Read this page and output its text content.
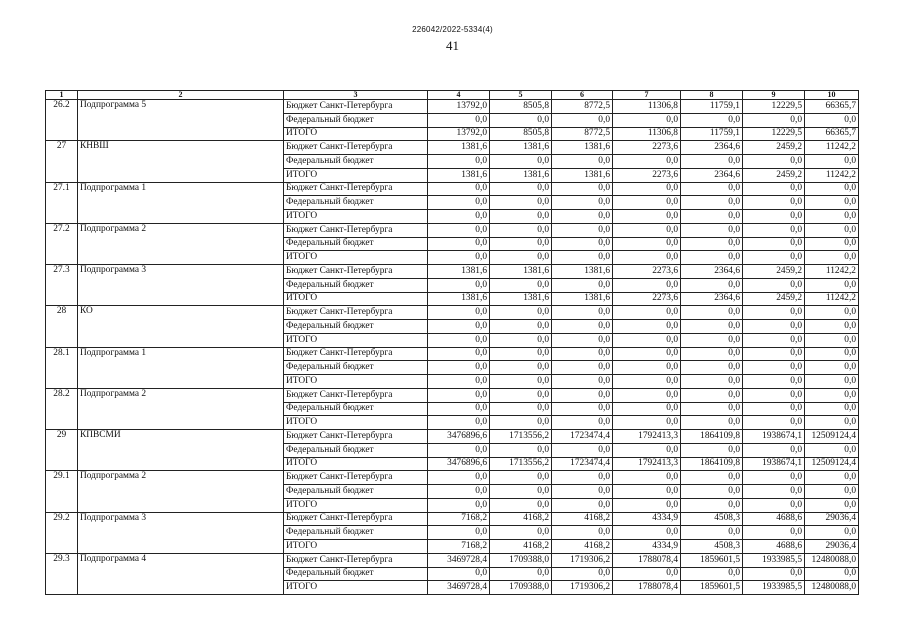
226042/2022-5334(4)
41
1	2	3	4	5	6	7	8	9	10
26.2	Подпрограмма 5	Бюджет Санкт-Петербурга	13792,0	8505,8	8772,5	11306,8	11759,1	12229,5	66365,7
		Федеральный бюджет	0,0	0,0	0,0	0,0	0,0	0,0	0,0
		ИТОГО	13792,0	8505,8	8772,5	11306,8	11759,1	12229,5	66365,7
27	КНВШ	Бюджет Санкт-Петербурга	1381,6	1381,6	1381,6	2273,6	2364,6	2459,2	11242,2
		Федеральный бюджет	0,0	0,0	0,0	0,0	0,0	0,0	0,0
		ИТОГО	1381,6	1381,6	1381,6	2273,6	2364,6	2459,2	11242,2
27.1	Подпрограмма 1	Бюджет Санкт-Петербурга	0,0	0,0	0,0	0,0	0,0	0,0	0,0
		Федеральный бюджет	0,0	0,0	0,0	0,0	0,0	0,0	0,0
		ИТОГО	0,0	0,0	0,0	0,0	0,0	0,0	0,0
27.2	Подпрограмма 2	Бюджет Санкт-Петербурга	0,0	0,0	0,0	0,0	0,0	0,0	0,0
		Федеральный бюджет	0,0	0,0	0,0	0,0	0,0	0,0	0,0
		ИТОГО	0,0	0,0	0,0	0,0	0,0	0,0	0,0
27.3	Подпрограмма 3	Бюджет Санкт-Петербурга	1381,6	1381,6	1381,6	2273,6	2364,6	2459,2	11242,2
		Федеральный бюджет	0,0	0,0	0,0	0,0	0,0	0,0	0,0
		ИТОГО	1381,6	1381,6	1381,6	2273,6	2364,6	2459,2	11242,2
28	КО	Бюджет Санкт-Петербурга	0,0	0,0	0,0	0,0	0,0	0,0	0,0
		Федеральный бюджет	0,0	0,0	0,0	0,0	0,0	0,0	0,0
		ИТОГО	0,0	0,0	0,0	0,0	0,0	0,0	0,0
28.1	Подпрограмма 1	Бюджет Санкт-Петербурга	0,0	0,0	0,0	0,0	0,0	0,0	0,0
		Федеральный бюджет	0,0	0,0	0,0	0,0	0,0	0,0	0,0
		ИТОГО	0,0	0,0	0,0	0,0	0,0	0,0	0,0
28.2	Подпрограмма 2	Бюджет Санкт-Петербурга	0,0	0,0	0,0	0,0	0,0	0,0	0,0
		Федеральный бюджет	0,0	0,0	0,0	0,0	0,0	0,0	0,0
		ИТОГО	0,0	0,0	0,0	0,0	0,0	0,0	0,0
29	КПВСМИ	Бюджет Санкт-Петербурга	3476896,6	1713556,2	1723474,4	1792413,3	1864109,8	1938674,1	12509124,4
		Федеральный бюджет	0,0	0,0	0,0	0,0	0,0	0,0	0,0
		ИТОГО	3476896,6	1713556,2	1723474,4	1792413,3	1864109,8	1938674,1	12509124,4
29.1	Подпрограмма 2	Бюджет Санкт-Петербурга	0,0	0,0	0,0	0,0	0,0	0,0	0,0
		Федеральный бюджет	0,0	0,0	0,0	0,0	0,0	0,0	0,0
		ИТОГО	0,0	0,0	0,0	0,0	0,0	0,0	0,0
29.2	Подпрограмма 3	Бюджет Санкт-Петербурга	7168,2	4168,2	4168,2	4334,9	4508,3	4688,6	29036,4
		Федеральный бюджет	0,0	0,0	0,0	0,0	0,0	0,0	0,0
		ИТОГО	7168,2	4168,2	4168,2	4334,9	4508,3	4688,6	29036,4
29.3	Подпрограмма 4	Бюджет Санкт-Петербурга	3469728,4	1709388,0	1719306,2	1788078,4	1859601,5	1933985,5	12480088,0
		Федеральный бюджет	0,0	0,0	0,0	0,0	0,0	0,0	0,0
		ИТОГО	3469728,4	1709388,0	1719306,2	1788078,4	1859601,5	1933985,5	12480088,0
